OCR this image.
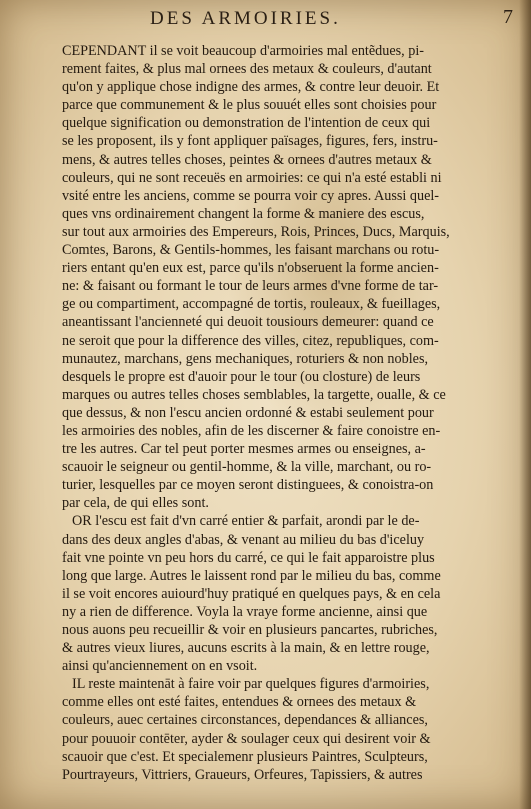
DES ARMOIRIES.	7
CEPENDANT il se voit beaucoup d'armoiries mal entẽdues, pi-
rement faites, & plus mal ornees des metaux & couleurs, d'autant
qu'on y applique chose indigne des armes, & contre leur deuoir. Et
parce que communement & le plus souuét elles sont choisies pour
quelque signification ou demonstration de l'intention de ceux qui
se les proposent, ils y font appliquer païsages, figures, fers, instru-
mens, & autres telles choses, peintes & ornees d'autres metaux &
couleurs, qui ne sont receuës en armoiries: ce qui n'a esté establi ni
vsité entre les anciens, comme se pourra voir cy apres. Aussi quel-
ques vns ordinairement changent la forme & maniere des escus,
sur tout aux armoiries des Empereurs, Rois, Princes, Ducs, Marquis,
Comtes, Barons, & Gentils-hommes, les faisant marchans ou rotu-
riers entant qu'en eux est, parce qu'ils n'obseruent la forme ancien-
ne: & faisant ou formant le tour de leurs armes d'vne forme de tar-
ge ou compartiment, accompagné de tortis, rouleaux, & fueillages,
aneantissant l'ancienneté qui deuoit tousiours demeurer: quand ce
ne seroit que pour la difference des villes, citez, republiques, com-
munautez, marchans, gens mechaniques, roturiers & non nobles,
desquels le propre est d'auoir pour le tour (ou closture) de leurs
marques ou autres telles choses semblables, la targette, oualle, & ce
que dessus, & non l'escu ancien ordonné & estabi seulement pour
les armoiries des nobles, afin de les discerner & faire conoistre en-
tre les autres. Car tel peut porter mesmes armes ou enseignes, a-
scauoir le seigneur ou gentil-homme, & la ville, marchant, ou ro-
turier, lesquelles par ce moyen seront distinguees, & conoistra-on
par cela, de qui elles sont.
OR l'escu est fait d'vn carré entier & parfait, arondi par le de-
dans des deux angles d'abas, & venant au milieu du bas d'iceluy
fait vne pointe vn peu hors du carré, ce qui le fait apparoistre plus
long que large. Autres le laissent rond par le milieu du bas, comme
il se voit encores auiourd'huy pratiqué en quelques pays, & en cela
ny a rien de difference. Voyla la vraye forme ancienne, ainsi que
nous auons peu recueillir & voir en plusieurs pancartes, rubriches,
& autres vieux liures, aucuns escrits à la main, & en lettre rouge,
ainsi qu'anciennement on en vsoit.
IL reste maintenāt à faire voir par quelques figures d'armoiries,
comme elles ont esté faites, entendues & ornees des metaux &
couleurs, auec certaines circonstances, dependances & alliances,
pour pouuoir contēter, ayder & soulager ceux qui desirent voir &
scauoir que c'est. Et specialemenr plusieurs Paintres, Sculpteurs,
Pourtrayeurs, Vittriers, Graueurs, Orfeures, Tapissiers, & autres
